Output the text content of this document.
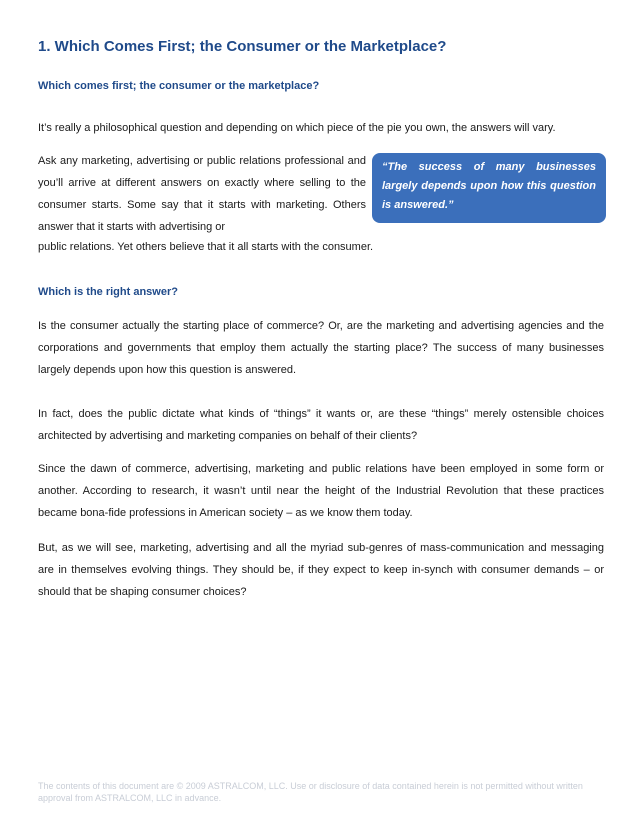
1. Which Comes First; the Consumer or the Marketplace?
Which comes first; the consumer or the marketplace?

It’s really a philosophical question and depending on which piece of the pie you own, the answers will vary.

Ask any marketing, advertising or public relations professional and you’ll arrive at different answers on exactly where selling to the consumer starts. Some say that it starts with marketing. Others answer that it starts with advertising or

“The success of many businesses largely depends upon how this question is answered.”

public relations. Yet others believe that it all starts with the consumer.

Which is the right answer?

Is the consumer actually the starting place of commerce? Or, are the marketing and advertising agencies and the corporations and governments that employ them actually the starting place? The success of many businesses largely depends upon how this question is answered.

In fact, does the public dictate what kinds of “things” it wants or, are these “things” merely ostensible choices architected by advertising and marketing companies on behalf of their clients?

Since the dawn of commerce, advertising, marketing and public relations have been employed in some form or another. According to research, it wasn’t until near the height of the Industrial Revolution that these practices became bona-fide professions in American society – as we know them today.

But, as we will see, marketing, advertising and all the myriad sub-genres of mass-communication and messaging are in themselves evolving things. They should be, if they expect to keep in-synch with consumer demands – or should that be shaping consumer choices?

The contents of this document are © 2009 ASTRALCOM, LLC. Use or disclosure of data contained herein is not permitted without written approval from ASTRALCOM, LLC in advance.
